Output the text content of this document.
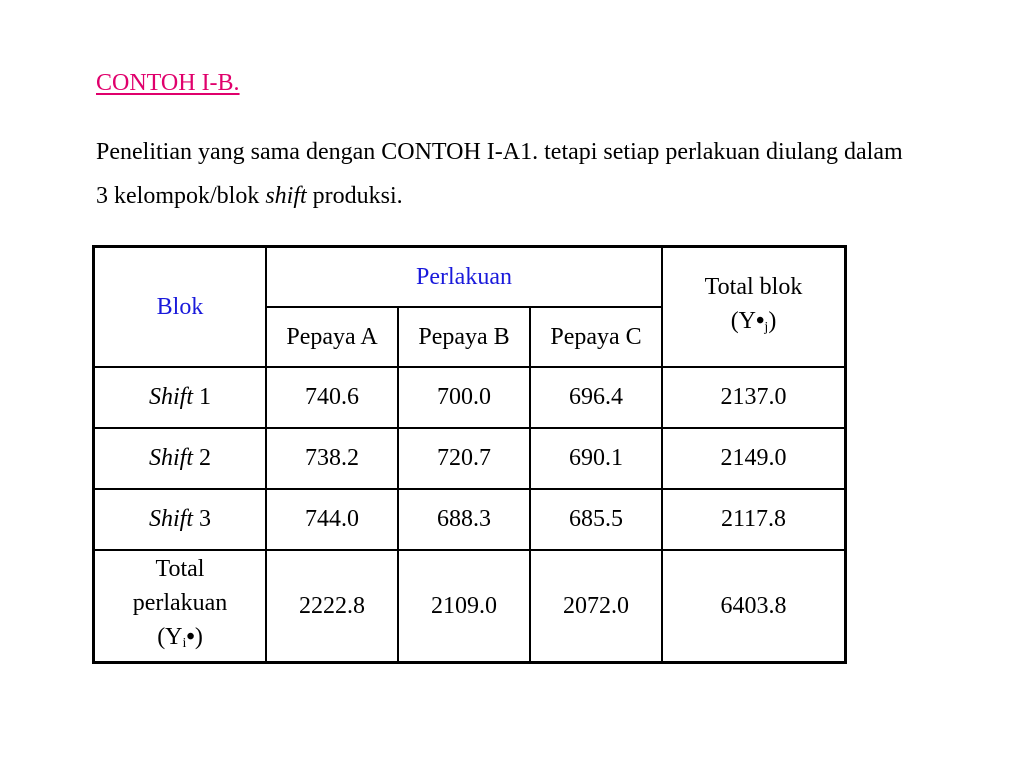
CONTOH I-B.
Penelitian yang sama dengan CONTOH I-A1. tetapi setiap perlakuan diulang dalam 3 kelompok/blok shift produksi.
Blok	Perlakuan			Total blok
$(Y•_j)$

	Pepaya A	Pepaya B	Pepaya C	
Shift 1	740.6	700.0	696.4	2137.0
Shift 2	738.2	720.7	690.1	2149.0
Shift 3	744.0	688.3	685.5	2117.8

Total
perlakuan
$(Y_i•)$	2222.8	2109.0	2072.0	6403.8
